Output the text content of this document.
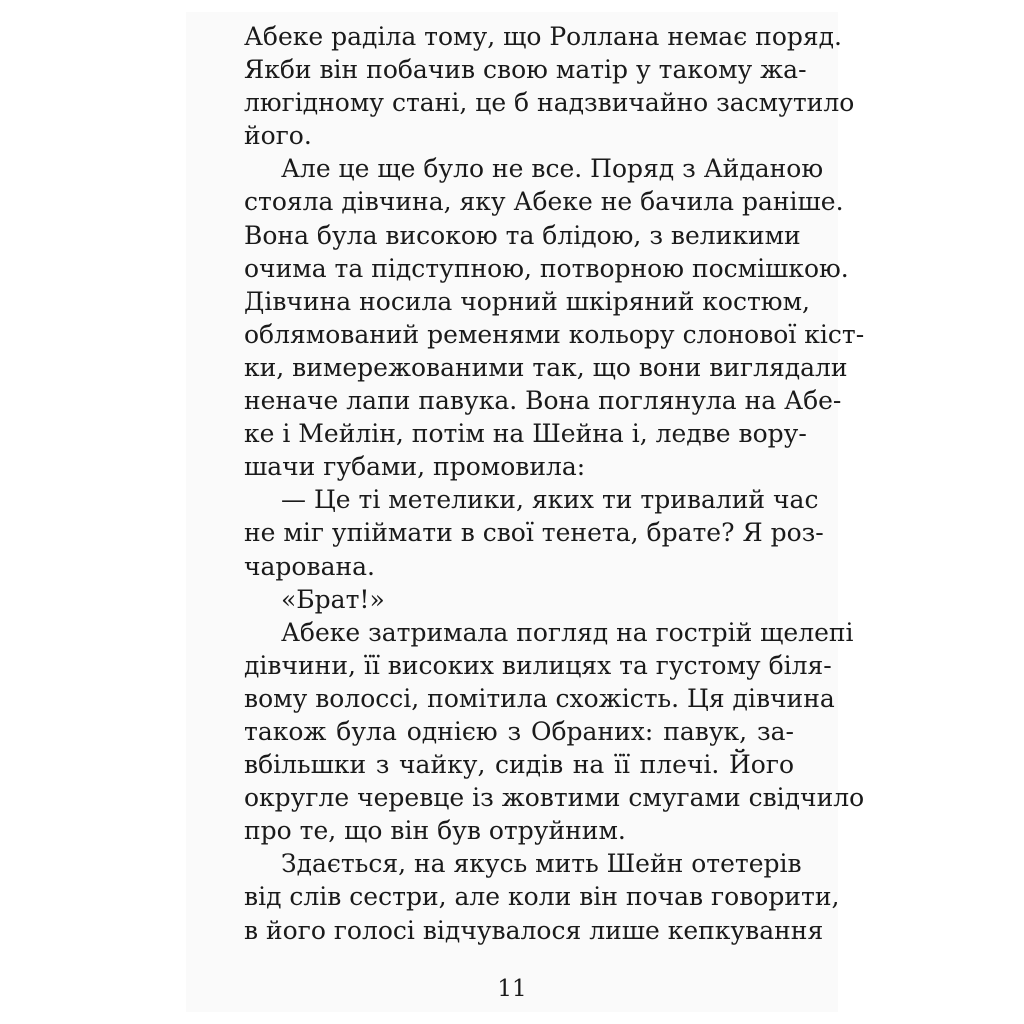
Абеке раділа тому, що Роллана немає поряд.
Якби він побачив свою матір у такому жа-
люгідному стані, це б надзвичайно засмутило
його.
Але це ще було не все. Поряд з Айданою
стояла дівчина, яку Абеке не бачила раніше.
Вона була високою та блідою, з великими
очима та підступною, потворною посмішкою.
Дівчина носила чорний шкіряний костюм,
облямований ременями кольору слонової кіст-
ки, вимережованими так, що вони виглядали
неначе лапи павука. Вона поглянула на Абе-
ке і Мейлін, потім на Шейна і, ледве вору-
шачи губами, промовила:
— Це ті метелики, яких ти тривалий час
не міг упіймати в свої тенета, брате? Я роз-
чарована.
«Брат!»
Абеке затримала погляд на гострій щелепі
дівчини, її високих вилицях та густому біля-
вому волоссі, помітила схожість. Ця дівчина
також була однією з Обраних: павук, за-
вбільшки з чайку, сидів на її плечі. Його
округле черевце із жовтими смугами свідчило
про те, що він був отруйним.
Здається, на якусь мить Шейн отетерів
від слів сестри, але коли він почав говорити,
в його голосі відчувалося лише кепкування
11
